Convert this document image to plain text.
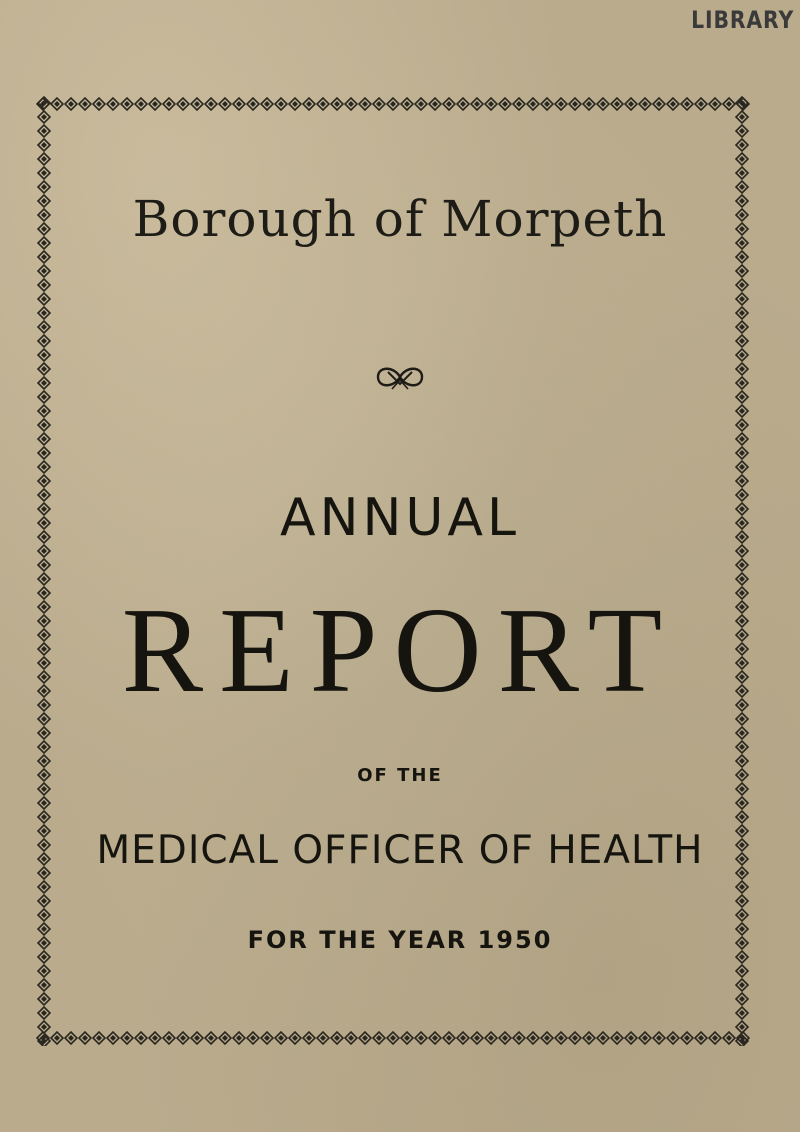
LIBRARY
Borough of Morpeth
ANNUAL
REPORT
OF THE
MEDICAL OFFICER OF HEALTH
FOR THE YEAR 1950
